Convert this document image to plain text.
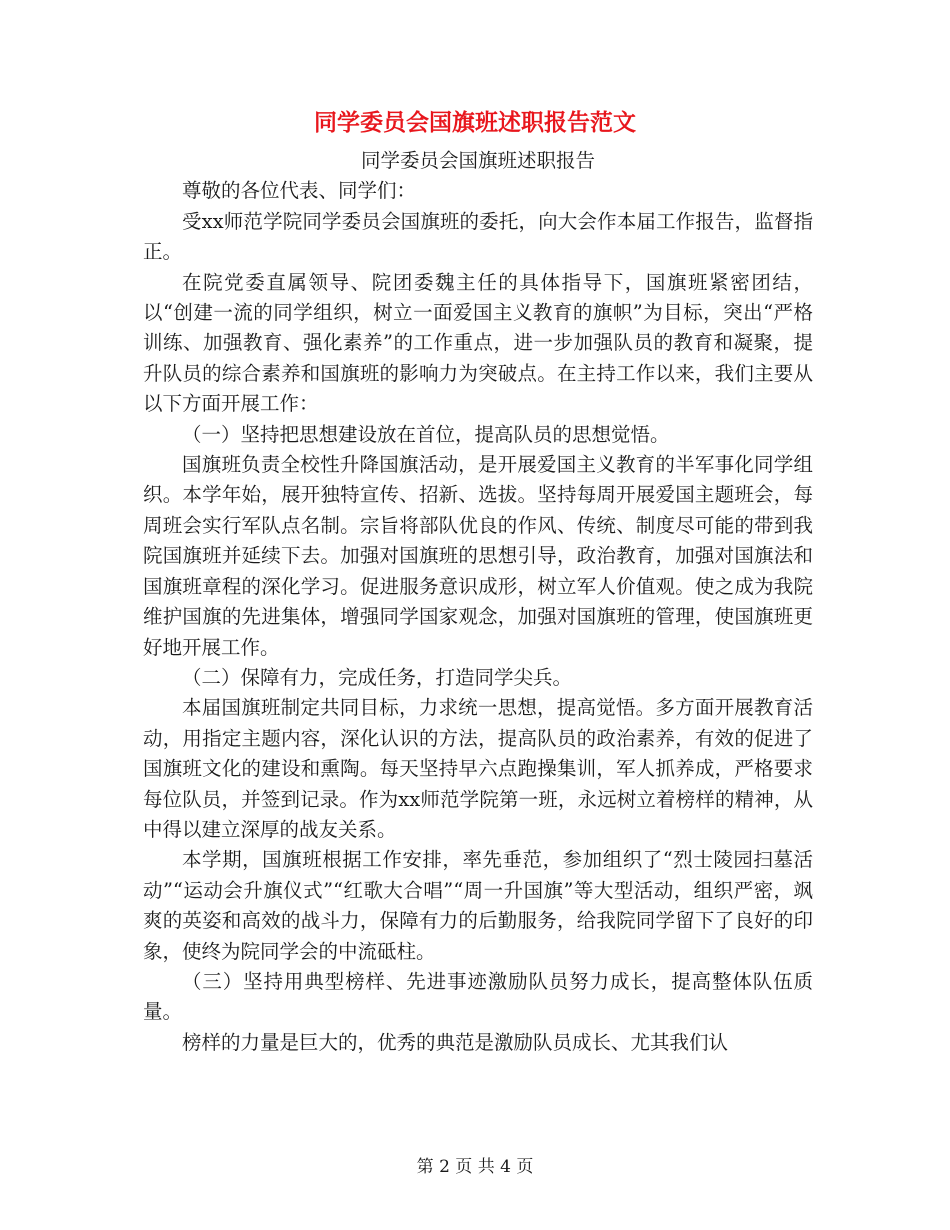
同学委员会国旗班述职报告范文

同学委员会国旗班述职报告

尊敬的各位代表、同学们：

受xx师范学院同学委员会国旗班的委托，向大会作本届工作报告，监督指正。

在院党委直属领导、院团委魏主任的具体指导下，国旗班紧密团结，以“创建一流的同学组织，树立一面爱国主义教育的旗帜”为目标，突出“严格训练、加强教育、强化素养”的工作重点，进一步加强队员的教育和凝聚，提升队员的综合素养和国旗班的影响力为突破点。在主持工作以来，我们主要从以下方面开展工作：

（一）坚持把思想建设放在首位，提高队员的思想觉悟。

国旗班负责全校性升降国旗活动，是开展爱国主义教育的半军事化同学组织。本学年始，展开独特宣传、招新、选拔。坚持每周开展爱国主题班会，每周班会实行军队点名制。宗旨将部队优良的作风、传统、制度尽可能的带到我院国旗班并延续下去。加强对国旗班的思想引导，政治教育，加强对国旗法和国旗班章程的深化学习。促进服务意识成形，树立军人价值观。使之成为我院维护国旗的先进集体，增强同学国家观念，加强对国旗班的管理，使国旗班更好地开展工作。

（二）保障有力，完成任务，打造同学尖兵。

本届国旗班制定共同目标，力求统一思想，提高觉悟。多方面开展教育活动，用指定主题内容，深化认识的方法，提高队员的政治素养，有效的促进了国旗班文化的建设和熏陶。每天坚持早六点跑操集训，军人抓养成，严格要求每位队员，并签到记录。作为xx师范学院第一班，永远树立着榜样的精神，从中得以建立深厚的战友关系。

本学期，国旗班根据工作安排，率先垂范，参加组织了“烈士陵园扫墓活动”“运动会升旗仪式”“红歌大合唱”“周一升国旗”等大型活动，组织严密，飒爽的英姿和高效的战斗力，保障有力的后勤服务，给我院同学留下了良好的印象，使终为院同学会的中流砥柱。

（三）坚持用典型榜样、先进事迹激励队员努力成长，提高整体队伍质量。

榜样的力量是巨大的，优秀的典范是激励队员成长、尤其我们认

第 2 页 共 4 页
